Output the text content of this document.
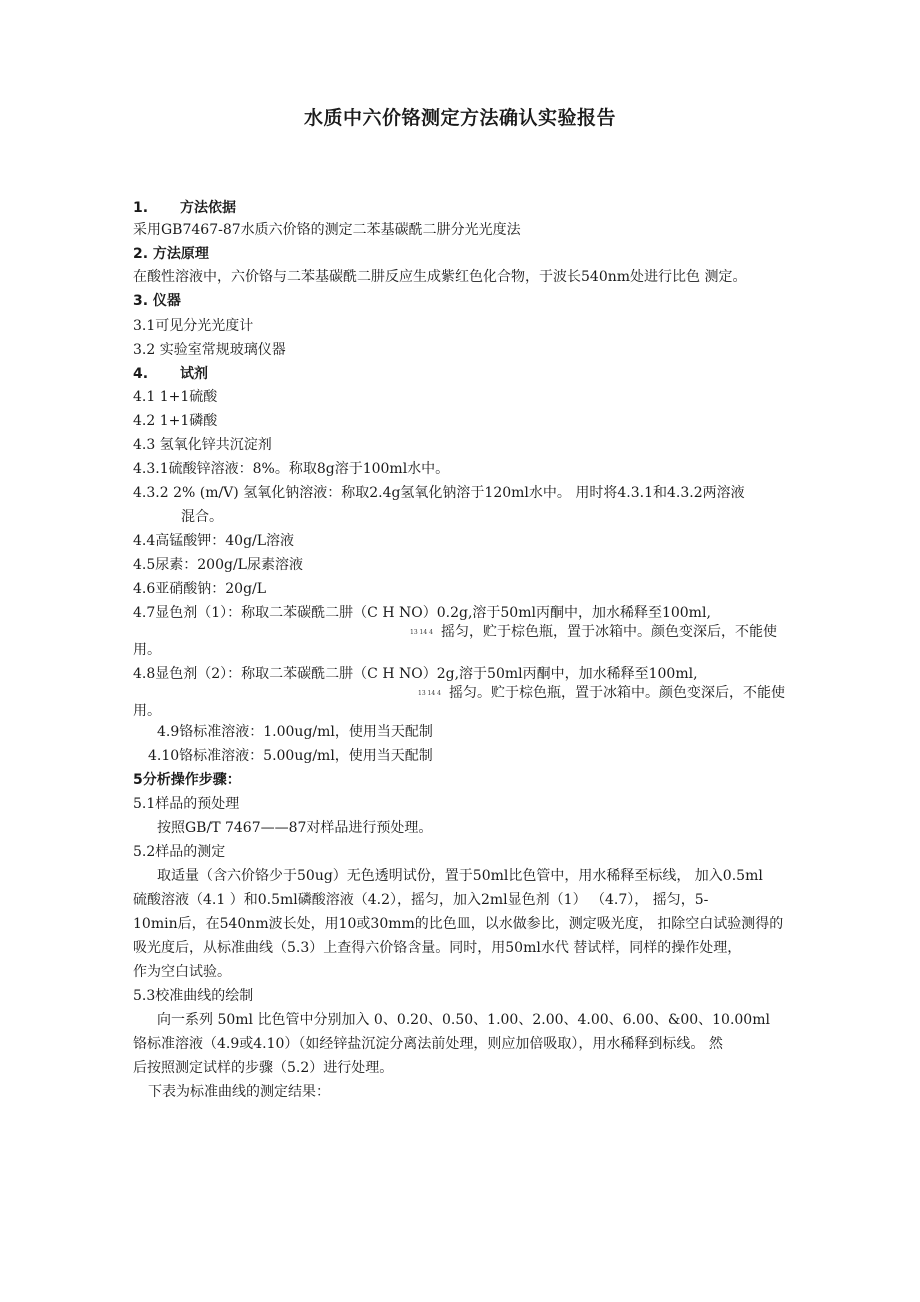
水质中六价铬测定方法确认实验报告
1. 方法依据
采用GB7467-87水质六价铬的测定二苯基碳酰二肼分光光度法
2. 方法原理
在酸性溶液中，六价铬与二苯基碳酰二肼反应生成紫红色化合物，于波长540nm处进行比色 测定。
3. 仪器
3.1可见分光光度计
3.2 实验室常规玻璃仪器
4. 试剂
4.1 1+1硫酸
4.2 1+1磷酸
4.3 氢氧化锌共沉淀剂
4.3.1硫酸锌溶液：8%。称取8g溶于100ml水中。
4.3.2 2% (m/V) 氢氧化钠溶液：称取2.4g氢氧化钠溶于120ml水中。 用时将4.3.1和4.3.2两溶液
混合。
4.4高锰酸钾：40g/L溶液
4.5尿素：200g/L尿素溶液
4.6亚硝酸钠：20g/L
4.7显色剂（1）：称取二苯碳酰二肼（C H NO）0.2g,溶于50ml丙酮中，加水稀释至100ml,
13 14 4 摇匀，贮于棕色瓶，置于冰箱中。颜色变深后，不能使
用。
4.8显色剂（2）：称取二苯碳酰二肼（C H NO）2g,溶于50ml丙酮中，加水稀释至100ml,
13 14 4 摇匀。贮于棕色瓶，置于冰箱中。颜色变深后，不能使
用。
4.9铬标准溶液：1.00ug/ml，使用当天配制
4.10铬标准溶液：5.00ug/ml，使用当天配制
5分析操作步骤：
5.1样品的预处理
按照GB/T 7467——87对样品进行预处理。
5.2样品的测定
取适量（含六价铬少于50ug）无色透明试份，置于50ml比色管中，用水稀释至标线， 加入0.5ml
硫酸溶液（4.1 ）和0.5ml磷酸溶液（4.2），摇匀，加入2ml显色剂（1） （4.7）， 摇匀，5-
10min后，在540nm波长处，用10或30mm的比色皿，以水做参比，测定吸光度， 扣除空白试验测得的
吸光度后，从标准曲线（5.3）上查得六价铬含量。同时，用50ml水代 替试样，同样的操作处理，
作为空白试验。
5.3校准曲线的绘制
向一系列 50ml 比色管中分别加入 0、0.20、0.50、1.00、2.00、4.00、6.00、&00、10.00ml
铬标准溶液（4.9或4.10）（如经锌盐沉淀分离法前处理，则应加倍吸取），用水稀释到标线。 然
后按照测定试样的步骤（5.2）进行处理。
下表为标准曲线的测定结果：
